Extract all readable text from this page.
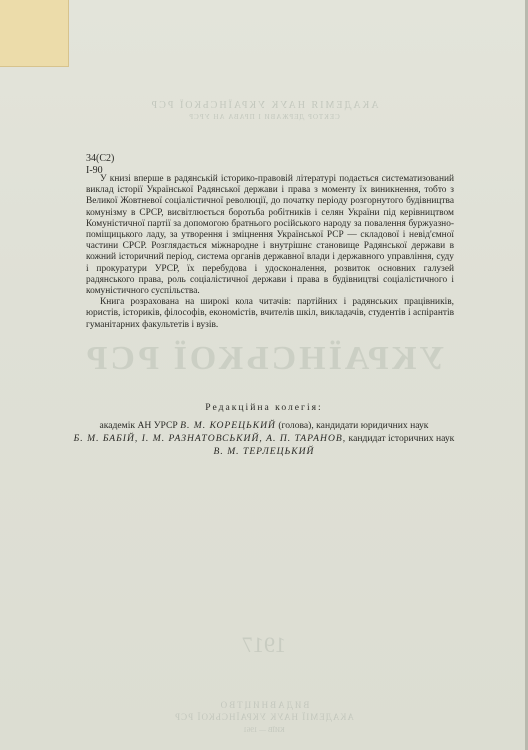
АКАДЕМІЯ НАУК УКРАЇНСЬКОЇ РСР
СЕКТОР ДЕРЖАВИ І ПРАВА АН УРСР
УКРАЇНСЬКОЇ РСР
1917
ВИДАВНИЦТВО
АКАДЕМІЇ НАУК УКРАЇНСЬКОЇ РСР
КИЇВ — 1961
34(С2)
І-90

У книзі вперше в радянській історико-правовій літературі подається систематизований виклад історії Української Радянської держави і права з моменту їх виникнення, тобто з Великої Жовтневої соціалістичної революції, до початку періоду розгорнутого будівництва комунізму в СРСР, висвітлюється боротьба робітників і селян України під керівництвом Комуністичної партії за допомогою братнього російського народу за повалення буржуазно-поміщицького ладу, за утворення і зміцнення Української РСР — складової і невід'ємної частини СРСР. Розглядається міжнародне і внутрішнє становище Радянської держави в кожний історичний період, система органів державної влади і державного управління, суду і прокуратури УРСР, їх перебудова і удосконалення, розвиток основних галузей радянського права, роль соціалістичної держави і права в будівництві соціалістичного і комуністичного суспільства.

Книга розрахована на широкі кола читачів: партійних і радянських працівників, юристів, істориків, філософів, економістів, вчителів шкіл, викладачів, студентів і аспірантів гуманітарних факультетів і вузів.

Редакційна колегія:
академік АН УРСР В. М. КОРЕЦЬКИЙ (голова), кандидати юридичних наук
Б. М. БАБІЙ, І. М. РАЗНАТОВСЬКИЙ, А. П. ТАРАНОВ, кандидат історичних наук
В. М. ТЕРЛЕЦЬКИЙ
